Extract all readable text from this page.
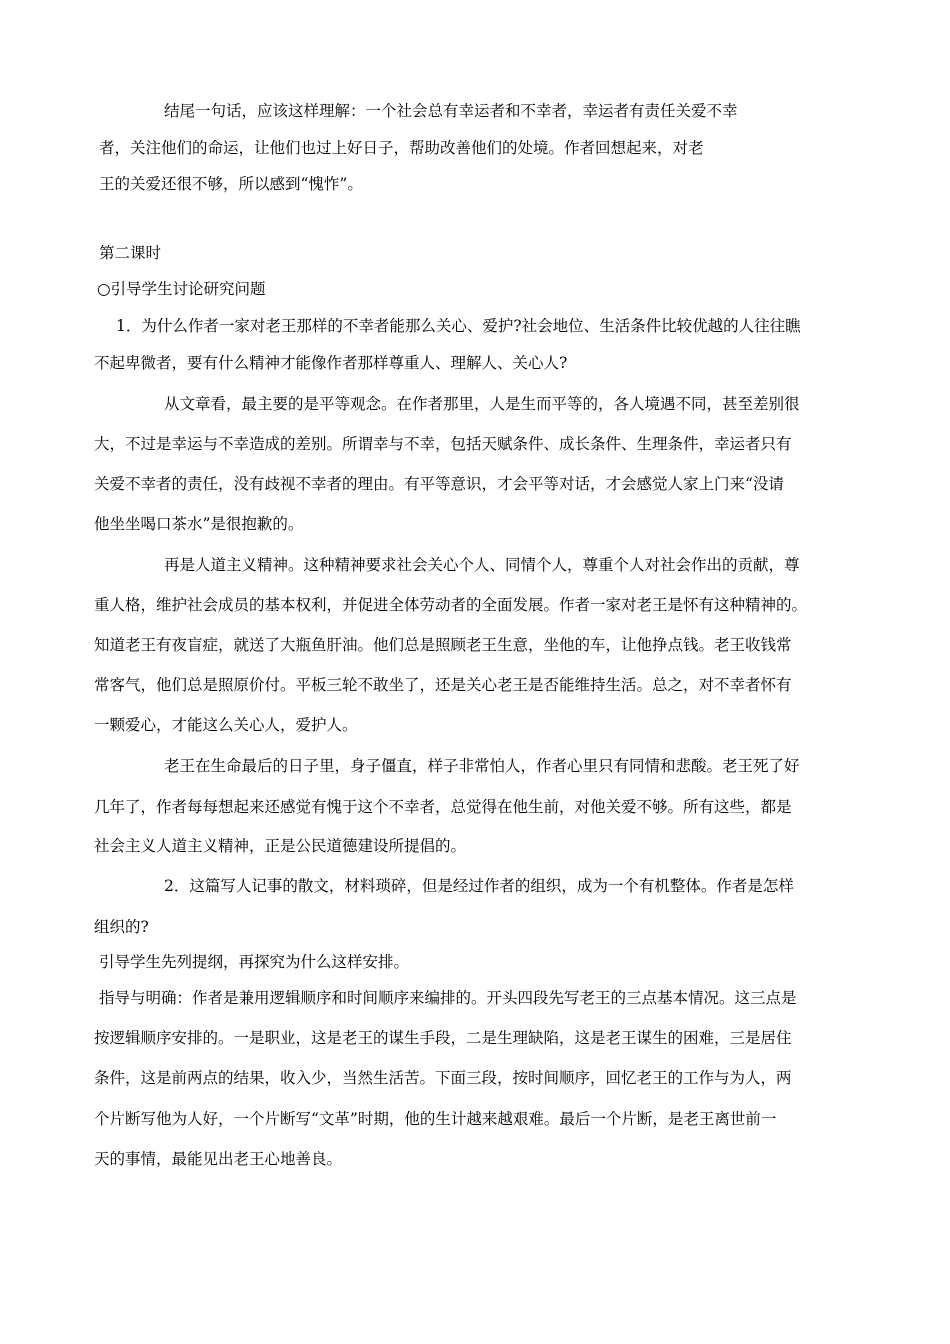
结尾一句话，应该这样理解：一个社会总有幸运者和不幸者，幸运者有责任关爱不幸
者，关注他们的命运，让他们也过上好日子，帮助改善他们的处境。作者回想起来，对老
王的关爱还很不够，所以感到“愧怍”。
第二课时
○引导学生讨论研究问题
1．为什么作者一家对老王那样的不幸者能那么关心、爱护?社会地位、生活条件比较优越的人往往瞧
不起卑微者，要有什么精神才能像作者那样尊重人、理解人、关心人?
从文章看，最主要的是平等观念。在作者那里，人是生而平等的，各人境遇不同，甚至差别很
大，不过是幸运与不幸造成的差别。所谓幸与不幸，包括天赋条件、成长条件、生理条件，幸运者只有
关爱不幸者的责任，没有歧视不幸者的理由。有平等意识，才会平等对话，才会感觉人家上门来“没请
他坐坐喝口茶水”是很抱歉的。
再是人道主义精神。这种精神要求社会关心个人、同情个人，尊重个人对社会作出的贡献，尊
重人格，维护社会成员的基本权利，并促进全体劳动者的全面发展。作者一家对老王是怀有这种精神的。
知道老王有夜盲症，就送了大瓶鱼肝油。他们总是照顾老王生意，坐他的车，让他挣点钱。老王收钱常
常客气，他们总是照原价付。平板三轮不敢坐了，还是关心老王是否能维持生活。总之，对不幸者怀有
一颗爱心，才能这么关心人，爱护人。
老王在生命最后的日子里，身子僵直，样子非常怕人，作者心里只有同情和悲酸。老王死了好
几年了，作者每每想起来还感觉有愧于这个不幸者，总觉得在他生前，对他关爱不够。所有这些，都是
社会主义人道主义精神，正是公民道德建设所提倡的。
2．这篇写人记事的散文，材料琐碎，但是经过作者的组织，成为一个有机整体。作者是怎样
组织的?
引导学生先列提纲，再探究为什么这样安排。
指导与明确：作者是兼用逻辑顺序和时间顺序来编排的。开头四段先写老王的三点基本情况。这三点是
按逻辑顺序安排的。一是职业，这是老王的谋生手段，二是生理缺陷，这是老王谋生的困难，三是居住
条件，这是前两点的结果，收入少，当然生活苦。下面三段，按时间顺序，回忆老王的工作与为人，两
个片断写他为人好，一个片断写“文革”时期，他的生计越来越艰难。最后一个片断，是老王离世前一
天的事情，最能见出老王心地善良。
